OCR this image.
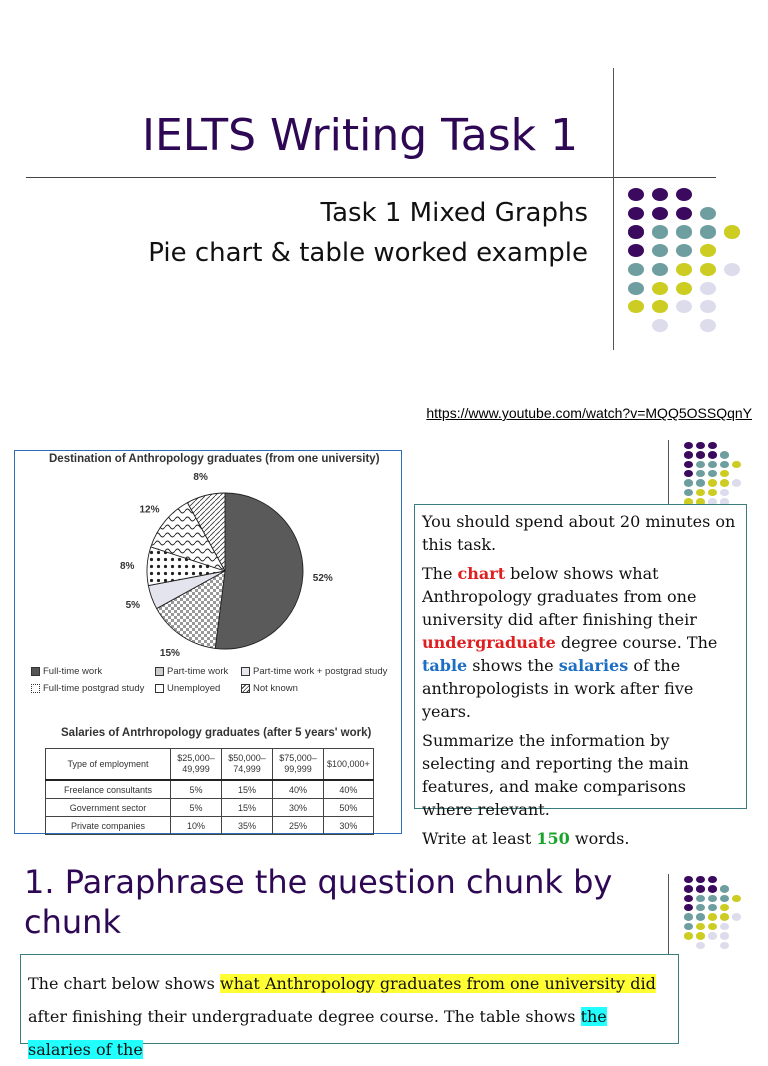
IELTS Writing Task 1
Task 1 Mixed Graphs
Pie chart & table worked example
https://www.youtube.com/watch?v=MQQ5OSSQqnY
Destination of Anthropology graduates (from one university)
52%
15%
5%
8%
12%
8%
Full-time work	Part-time work	Part-time work + postgrad study
Full-time postgrad study Unemployed	Not known
Salaries of Antrhropology graduates (after 5 years' work)
Type of employment	$25,000–49,999	$50,000–74,999	$75,000–99,999	$100,000+
Freelance consultants	5%	15%	40%	40%
Government sector	5%	15%	30%	50%
Private companies	10%	35%	25%	30%

You should spend about 20 minutes on this task.

The chart below shows what Anthropology graduates from one university did after finishing their undergraduate degree course. The table shows the salaries of the anthropologists in work after five years.

Summarize the information by selecting and reporting the main features, and make comparisons where relevant.

Write at least 150 words.

1. Paraphrase the question chunk by chunk
The chart below shows what Anthropology graduates from one university did after finishing their undergraduate degree course. The table shows the salaries of the
